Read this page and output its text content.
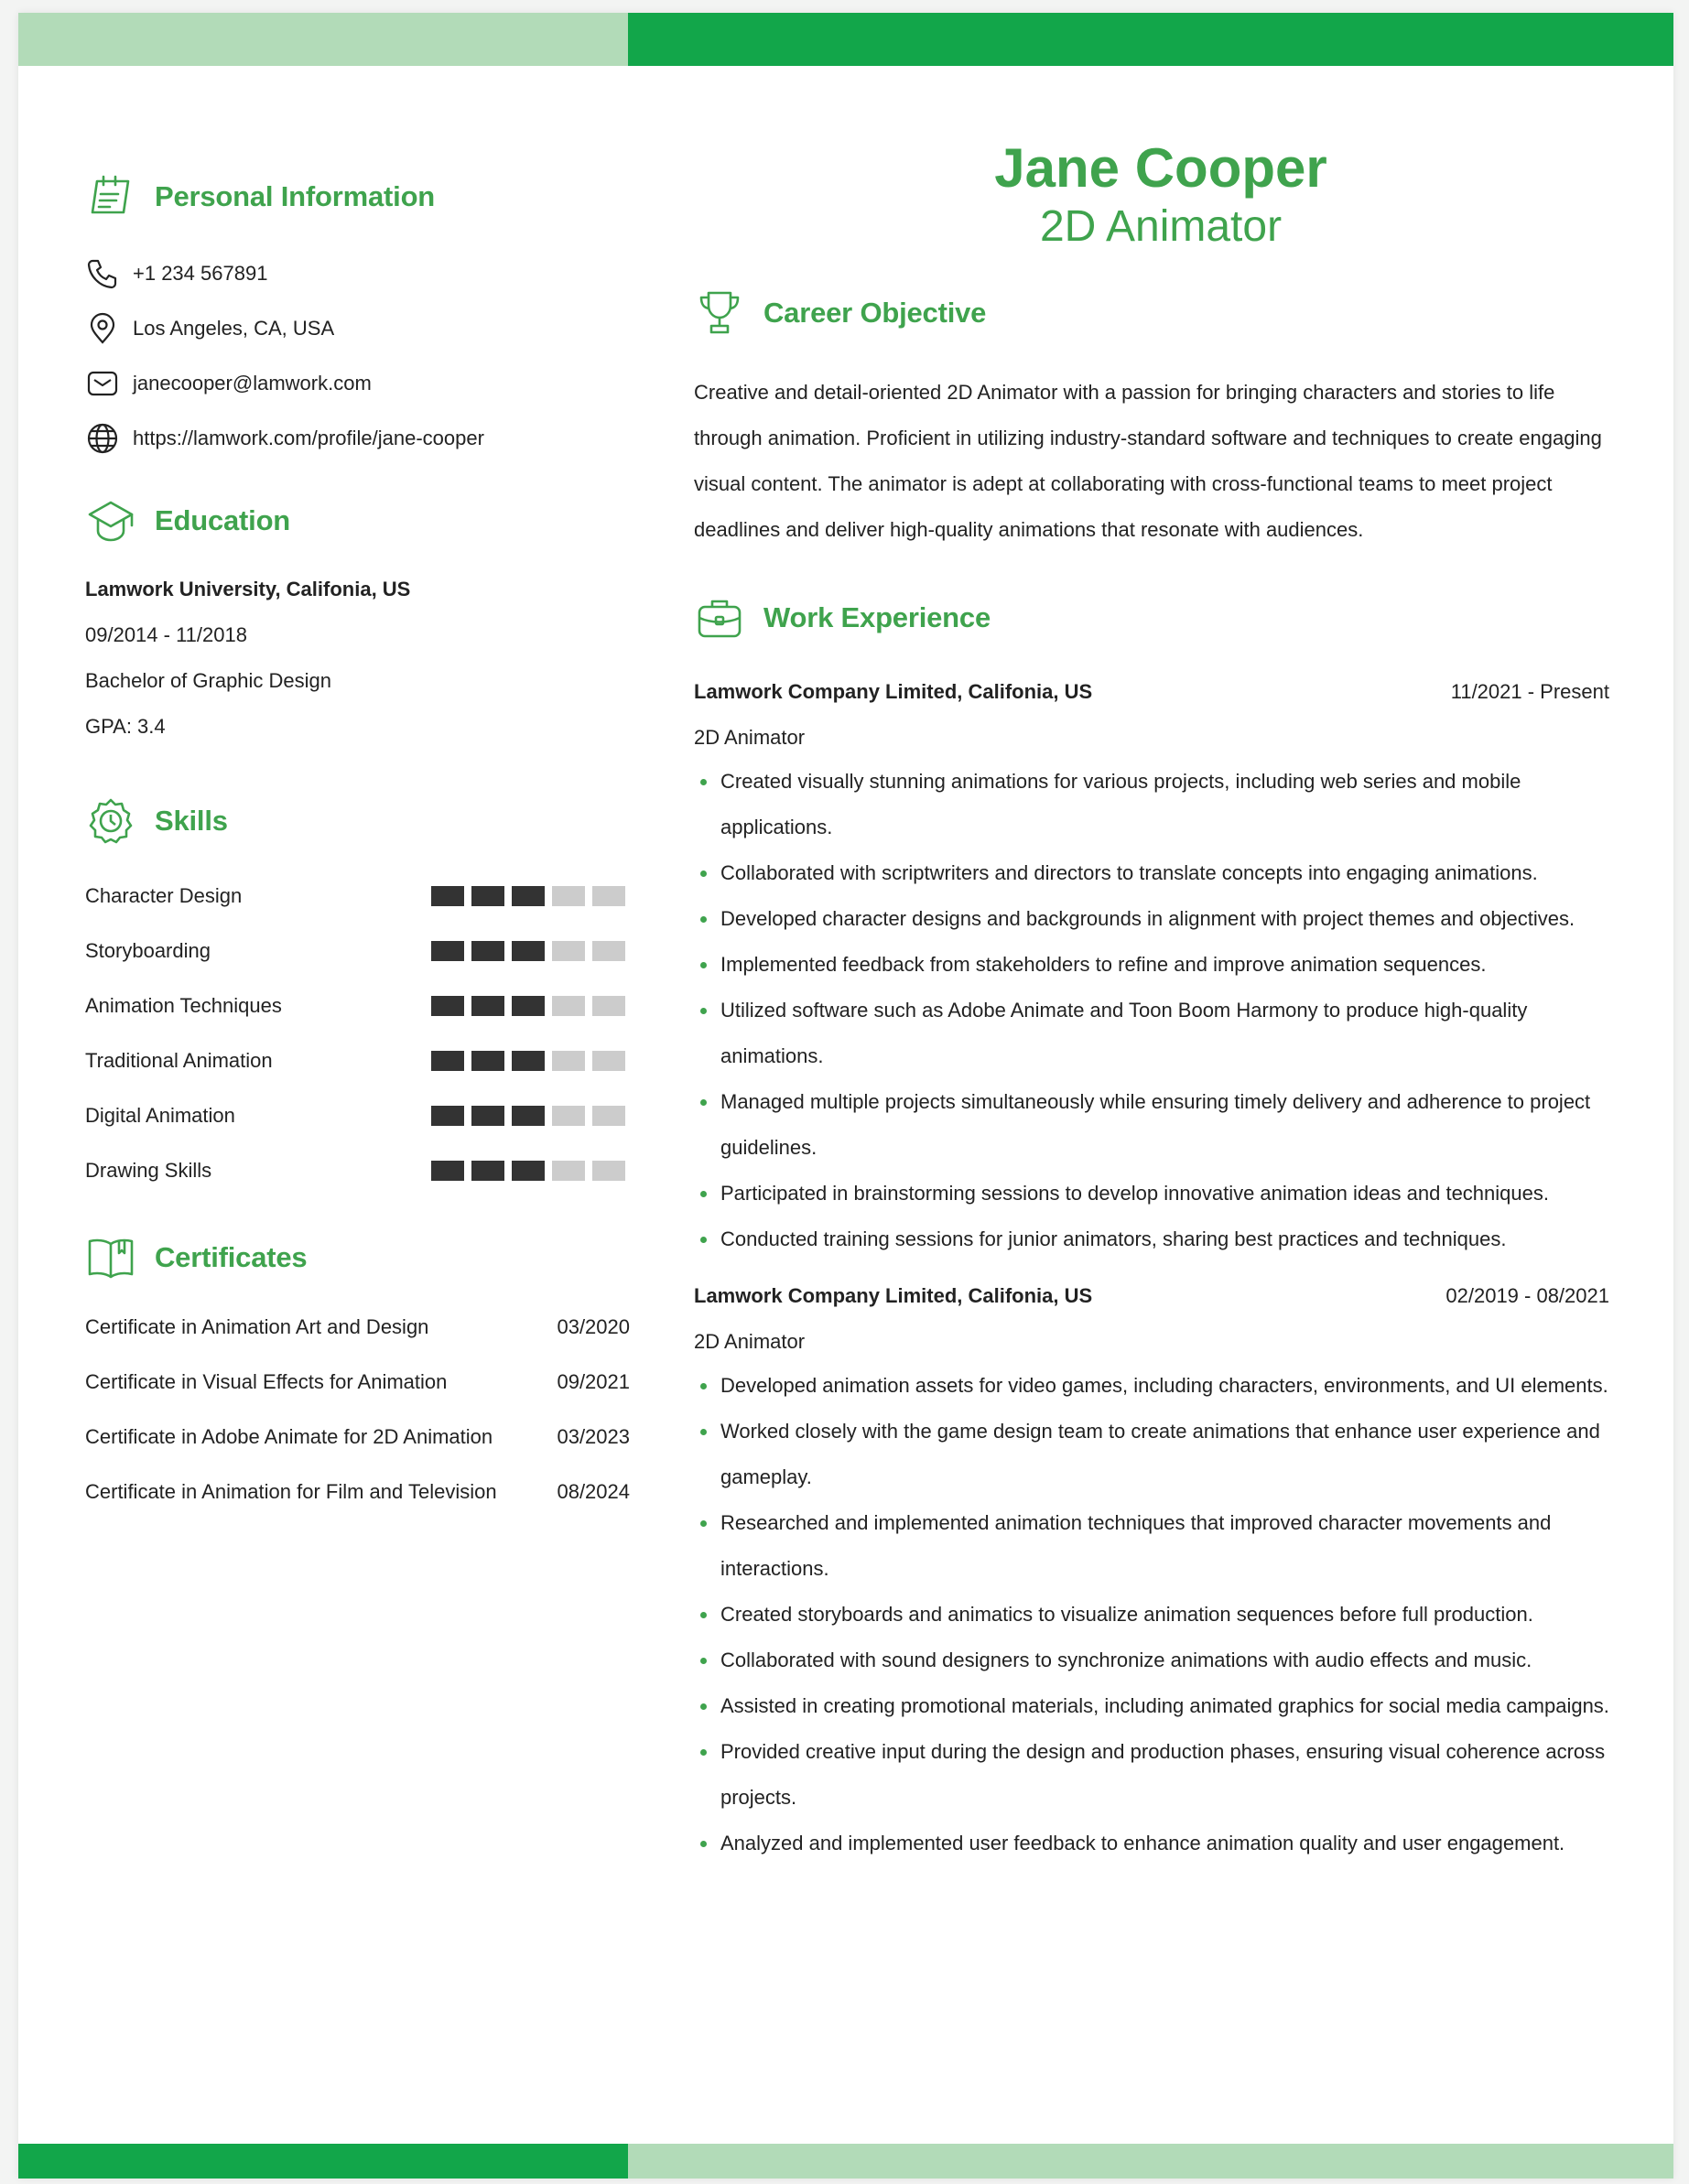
Personal Information
+1 234 567891
Los Angeles, CA, USA
janecooper@lamwork.com
https://lamwork.com/profile/jane-cooper
Education
Lamwork University, Califonia, US
09/2014 - 11/2018
Bachelor of Graphic Design
GPA: 3.4
Skills
Character Design
Storyboarding
Animation Techniques
Traditional Animation
Digital Animation
Drawing Skills
Certificates
Certificate in Animation Art and Design	03/2020
Certificate in Visual Effects for Animation	09/2021
Certificate in Adobe Animate for 2D Animation	03/2023
Certificate in Animation for Film and Television	08/2024
Jane Cooper
2D Animator
Career Objective
Creative and detail-oriented 2D Animator with a passion for bringing characters and stories to life through animation. Proficient in utilizing industry-standard software and techniques to create engaging visual content. The animator is adept at collaborating with cross-functional teams to meet project deadlines and deliver high-quality animations that resonate with audiences.
Work Experience
Lamwork Company Limited, Califonia, US	11/2021 - Present
2D Animator
Created visually stunning animations for various projects, including web series and mobile applications.
Collaborated with scriptwriters and directors to translate concepts into engaging animations.
Developed character designs and backgrounds in alignment with project themes and objectives.
Implemented feedback from stakeholders to refine and improve animation sequences.
Utilized software such as Adobe Animate and Toon Boom Harmony to produce high-quality animations.
Managed multiple projects simultaneously while ensuring timely delivery and adherence to project guidelines.
Participated in brainstorming sessions to develop innovative animation ideas and techniques.
Conducted training sessions for junior animators, sharing best practices and techniques.
Lamwork Company Limited, Califonia, US	02/2019 - 08/2021
2D Animator
Developed animation assets for video games, including characters, environments, and UI elements.
Worked closely with the game design team to create animations that enhance user experience and gameplay.
Researched and implemented animation techniques that improved character movements and interactions.
Created storyboards and animatics to visualize animation sequences before full production.
Collaborated with sound designers to synchronize animations with audio effects and music.
Assisted in creating promotional materials, including animated graphics for social media campaigns.
Provided creative input during the design and production phases, ensuring visual coherence across projects.
Analyzed and implemented user feedback to enhance animation quality and user engagement.
